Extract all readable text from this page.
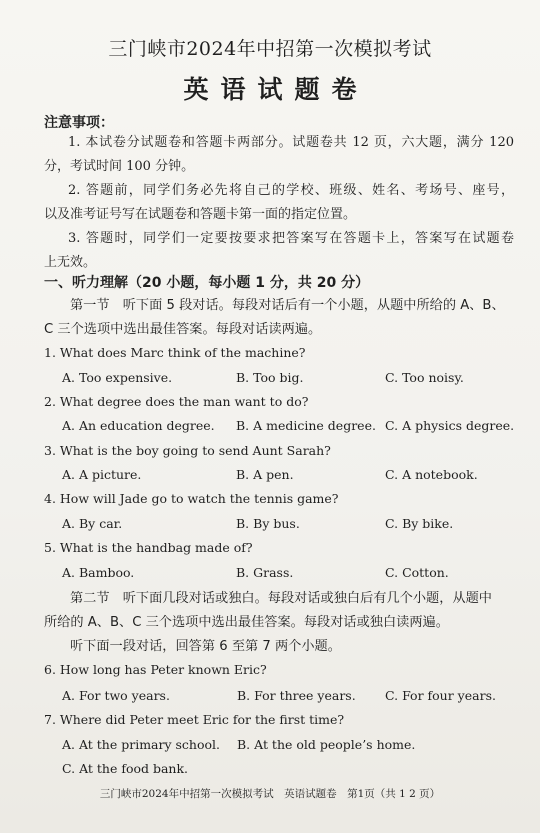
三门峡市2024年中招第一次模拟考试
英语试题卷
注意事项：
1. 本试卷分试题卷和答题卡两部分。试题卷共 12 页，六大题，满分 120
分，考试时间 100 分钟。
2. 答题前，同学们务必先将自己的学校、班级、姓名、考场号、座号，
以及准考证号写在试题卷和答题卡第一面的指定位置。
3. 答题时，同学们一定要按要求把答案写在答题卡上，答案写在试题卷
上无效。
一、听力理解（20 小题，每小题 1 分，共 20 分）
第一节　听下面 5 段对话。每段对话后有一个小题，从题中所给的 A、B、
C 三个选项中选出最佳答案。每段对话读两遍。
1. What does Marc think of the machine?
A. Too expensive.	B. Too big.	C. Too noisy.
2. What degree does the man want to do?
A. An education degree. B. A medicine degree. C. A physics degree.
3. What is the boy going to send Aunt Sarah?
A. A picture.	B. A pen.	C. A notebook.
4. How will Jade go to watch the tennis game?
A. By car.	B. By bus.	C. By bike.
5. What is the handbag made of?
A. Bamboo.	B. Grass.	C. Cotton.
第二节　听下面几段对话或独白。每段对话或独白后有几个小题，从题中
所给的 A、B、C 三个选项中选出最佳答案。每段对话或独白读两遍。
听下面一段对话，回答第 6 至第 7 两个小题。
6. How long has Peter known Eric?
A. For two years.	B. For three years. C. For four years.
7. Where did Peter meet Eric for the first time?
A. At the primary school. B. At the old people’s home.
C. At the food bank.
三门峡市2024年中招第一次模拟考试　英语试题卷　第1页（共 1 2 页）
